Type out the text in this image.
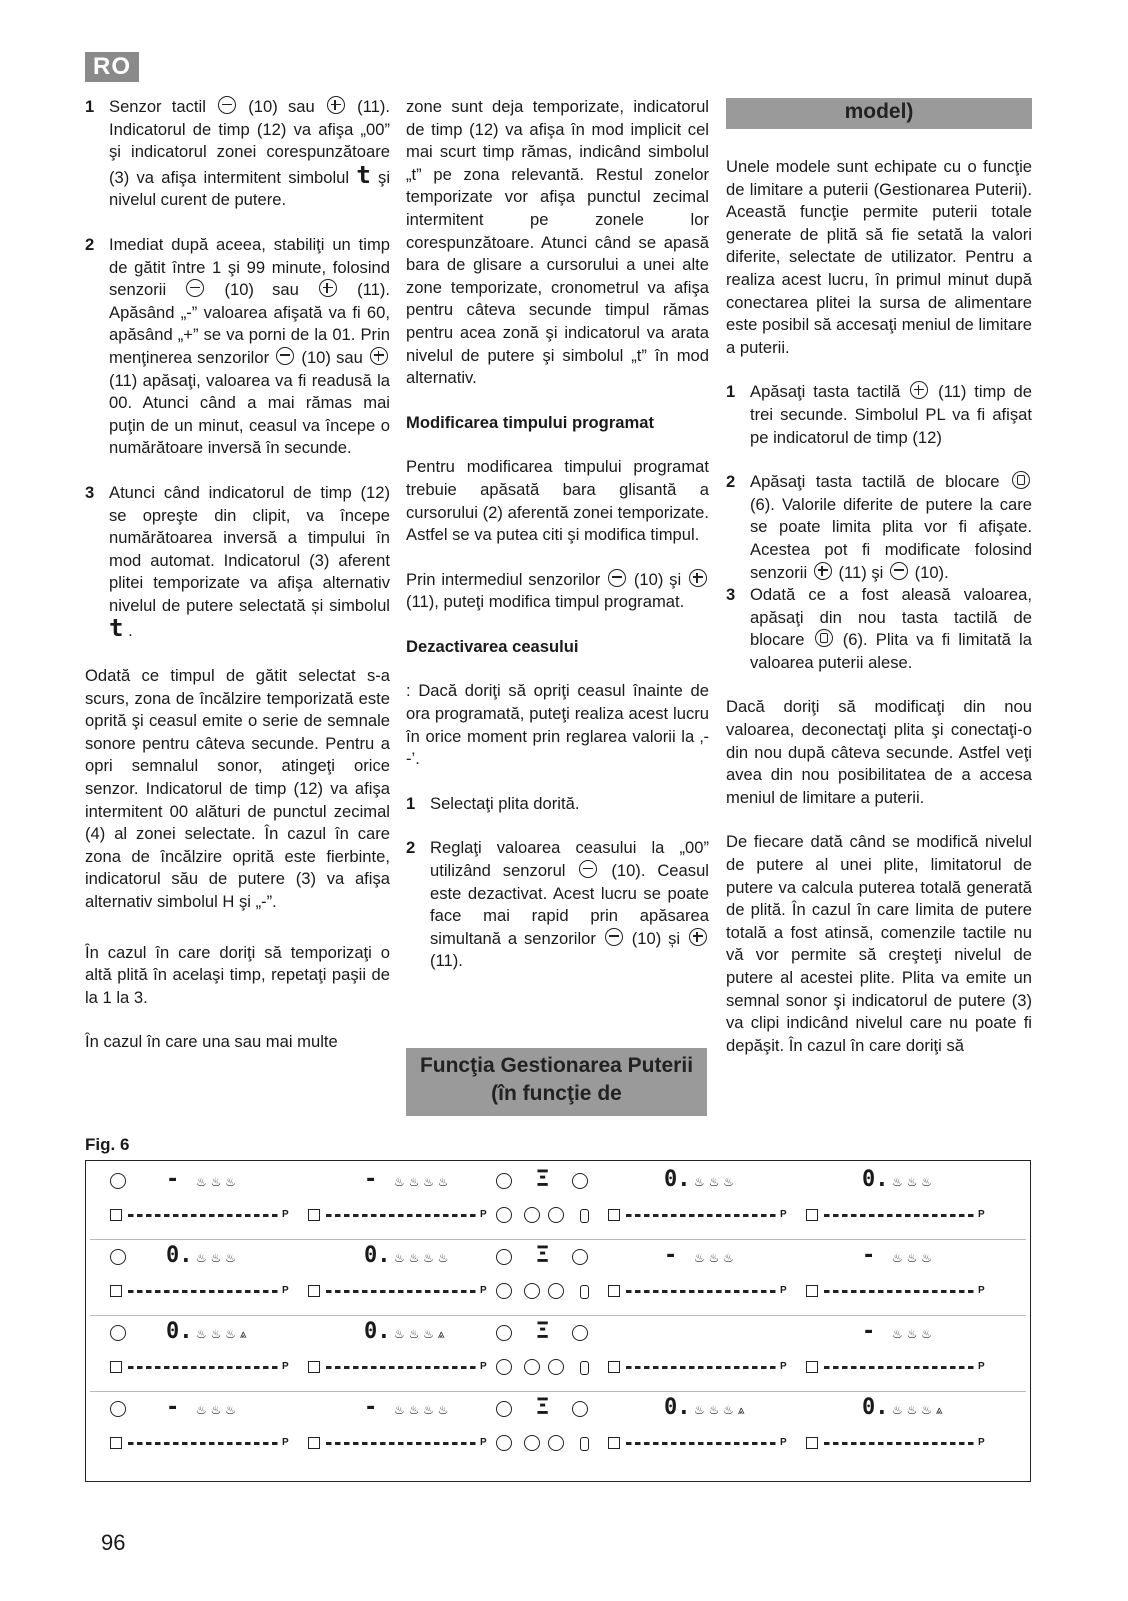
RO
1 Senzor tactil	(10) sau	(11). Indicatorul de timp (12) va afişa „00” şi indicatorul zonei corespunzătoare (3) va afişa intermitent simbolul t şi nivelul curent de putere.
2 Imediat după aceea, stabiliţi un timp de gătit între 1 şi 99 minute, folosind senzorii	(10) sau	(11). Apăsând „-” valoarea afişată va fi 60, apăsând „+” se va porni de la 01. Prin menţinerea senzorilor (10) sau  (11) apăsaţi, valoarea va fi readusă la 00. Atunci când a mai rămas mai puţin de un minut, ceasul va începe o numărătoare inversă în secunde.
3 Atunci când indicatorul de timp (12) se opreşte din clipit, va începe numărătoarea inversă a timpului în mod automat. Indicatorul (3) aferent plitei temporizate va afişa alternativ nivelul de putere selectată și simbolul t .

Odată ce timpul de gătit selectat s-a scurs, zona de încălzire temporizată este oprită şi ceasul emite o serie de semnale sonore pentru câteva secunde. Pentru a opri semnalul sonor, atingeţi orice senzor. Indicatorul de timp (12) va afişa intermitent 00 alături de punctul zecimal (4) al zonei selectate. În cazul în care zona de încălzire oprită este fierbinte, indicatorul său de putere (3) va afişa alternativ simbolul H şi „-”.

În cazul în care doriţi să temporizaţi o altă plită în acelaşi timp, repetaţi paşii de la 1 la 3.

În cazul în care una sau mai multe

zone sunt deja temporizate, indicatorul de timp (12) va afişa în mod implicit cel mai scurt timp rămas, indicând simbolul „t” pe zona relevantă. Restul zonelor temporizate vor afişa punctul zecimal intermitent pe zonele lor corespunzătoare. Atunci când se apasă bara de glisare a cursorului a unei alte zone temporizate, cronometrul va afişa pentru câteva secunde timpul rămas pentru acea zonă şi indicatorul va arata nivelul de putere şi simbolul „t” în mod alternativ.

Modificarea timpului programat

Pentru modificarea timpului programat trebuie apăsată bara glisantă a cursorului (2) aferentă zonei temporizate. Astfel se va putea citi şi modifica timpul.

Prin intermediul senzorilor (10) şi  (11), puteţi modifica timpul programat.

Dezactivarea ceasului

: Dacă doriţi să opriţi ceasul înainte de ora programată, puteţi realiza acest lucru în orice moment prin reglarea valorii la ‚--’.

1 Selectaţi plita dorită.
2 Reglaţi valoarea ceasului la „00” utilizând senzorul	(10). Ceasul este dezactivat. Acest lucru se poate face mai rapid prin apăsarea simultană a senzorilor (10) și  (11).
Funcţia Gestionarea Puterii (în funcţie de
model)

Unele modele sunt echipate cu o funcţie de limitare a puterii (Gestionarea Puterii). Această funcţie permite puterii totale generate de plită să fie setată la valori diferite, selectate de utilizator. Pentru a realiza acest lucru, în primul minut după conectarea plitei la sursa de alimentare este posibil să accesaţi meniul de limitare a puterii.

1 Apăsaţi tasta tactilă (11) timp de trei secunde. Simbolul PL va fi afişat pe indicatorul de timp (12)
2 Apăsaţi tasta tactilă de blocare  (6). Valorile diferite de putere la care se poate limita plita vor fi afişate. Acestea pot fi modificate folosind senzorii (11) şi (10).
3 Odată ce a fost aleasă valoarea, apăsaţi din nou tasta tactilă de blocare (6). Plita va fi limitată la valoarea puterii alese.

Dacă doriţi să modificaţi din nou valoarea, deconectaţi plita şi conectaţi-o din nou după câteva secunde. Astfel veţi avea din nou posibilitatea de a accesa meniul de limitare a puterii.

De fiecare dată când se modifică nivelul de putere al unei plite, limitatorul de putere va calcula puterea totală generată de plită. În cazul în care limita de putere totală a fost atinsă, comenzile tactile nu vă vor permite să creşteţi nivelul de putere al acestei plite. Plita va emite un semnal sonor şi indicatorul de putere (3) va clipi indicând nivelul care nu poate fi depăşit. În cazul în care doriţi să

Fig. 6
- ♨ ♨ ♨
P
- ♨ ♨ ♨ ♨
P
Ξ	0. ♨ ♨ ♨
P
0. ♨ ♨ ♨
P
0. ♨ ♨ ♨
P
0. ♨ ♨ ♨ ♨
P
Ξ	- ♨ ♨ ♨
P
- ♨ ♨ ♨
P
0. ♨ ♨ ♨ ⩓
P
0. ♨ ♨ ♨ ⩓
P
Ξ
P
- ♨ ♨ ♨
P
- ♨ ♨ ♨
P
- ♨ ♨ ♨ ♨
P
Ξ	0. ♨ ♨ ♨ ⩓
P
0. ♨ ♨ ♨ ⩓
P
96
